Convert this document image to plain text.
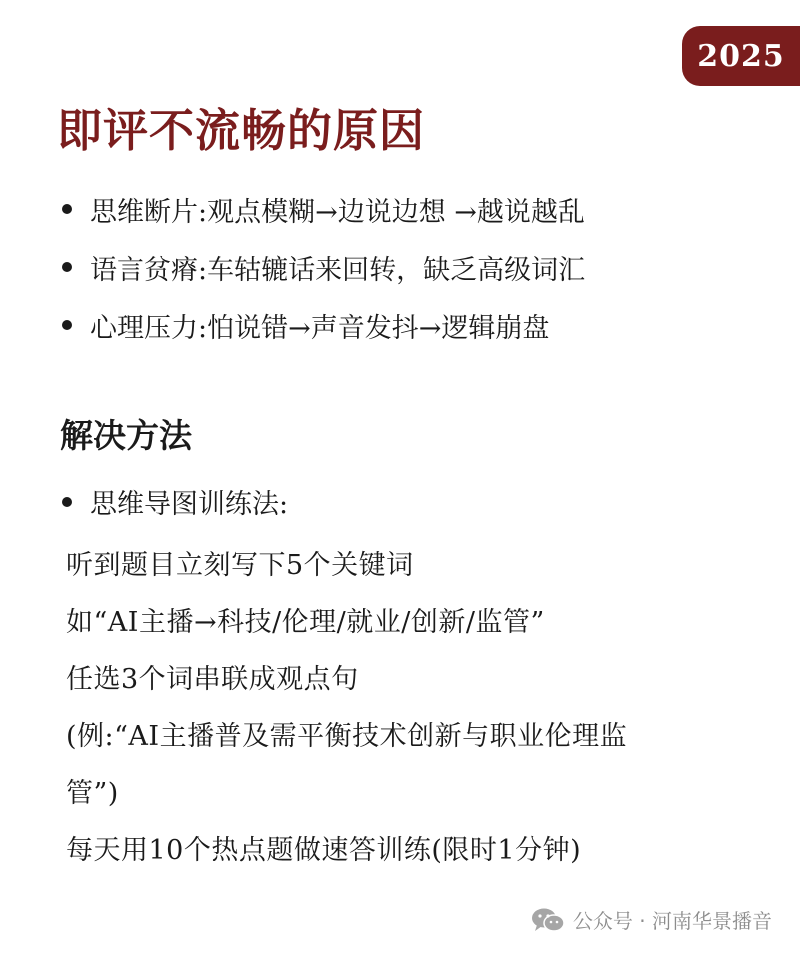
2025
即评不流畅的原因
思维断片:观点模糊→边说边想 →越说越乱
语言贫瘠:车轱辘话来回转，缺乏高级词汇
心理压力:怕说错→声音发抖→逻辑崩盘
解决方法
思维导图训练法:
听到题目立刻写下5个关键词
如“AI主播→科技/伦理/就业/创新/监管”
任选3个词串联成观点句
(例:“AI主播普及需平衡技术创新与职业伦理监
管”)
每天用10个热点题做速答训练(限时1分钟)
公众号 · 河南华景播音
